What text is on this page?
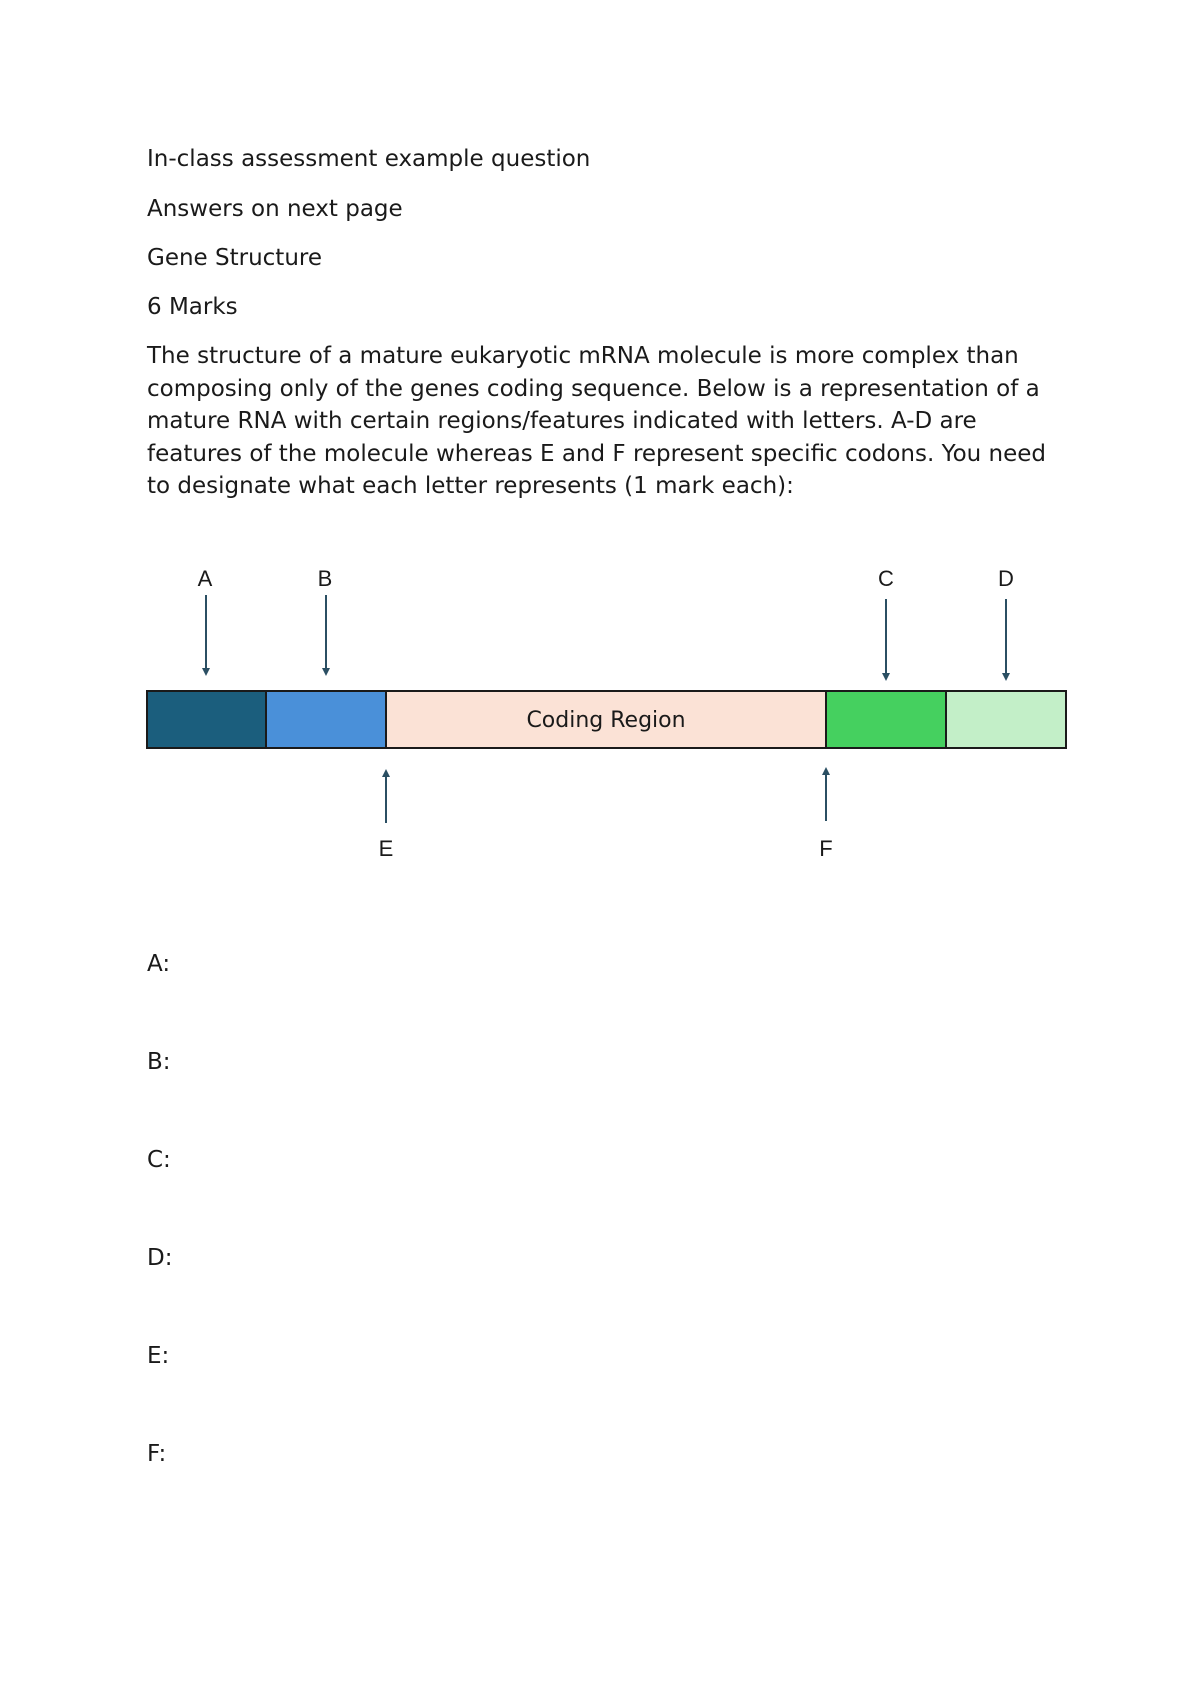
In-class assessment example question
Answers on next page
Gene Structure
6 Marks
The structure of a mature eukaryotic mRNA molecule is more complex than composing only of the genes coding sequence. Below is a representation of a mature RNA with certain regions/features indicated with letters. A-D are features of the molecule whereas E and F represent specific codons. You need to designate what each letter represents (1 mark each):
A	B	C	D
Coding Region
E	F
A:
B:
C:
D:
E:
F:
